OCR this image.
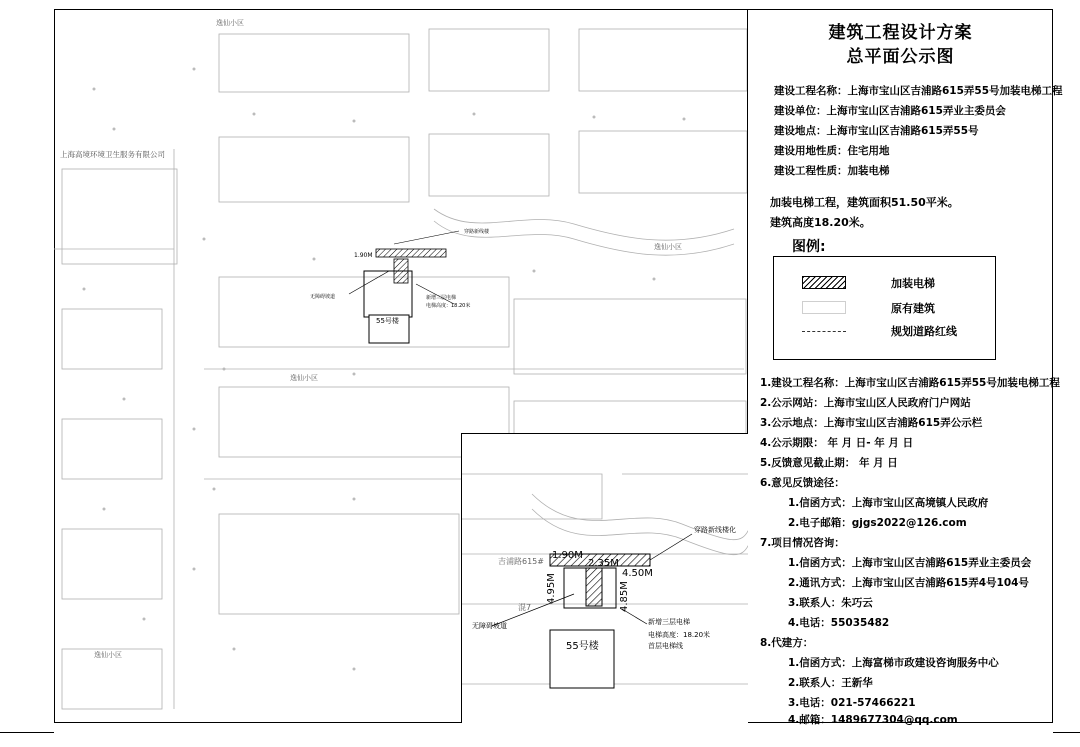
上海高境环境卫生服务有限公司
逸仙小区
逸仙小区
逸仙小区
逸仙小区
55号楼
1.90M
穿路新线楼
无障碍坡道	新增三层电梯
电梯高度：18.20米
吉浦路615#
混7
55号楼
1.90M
2.35M
4.50M
4.95M	4.85M
穿路新线楼化
无障碍坡道	新增三层电梯
电梯高度：18.20米
首层电梯线
建筑工程设计方案
总平面公示图
建设工程名称：上海市宝山区吉浦路615弄55号加装电梯工程
建设单位：上海市宝山区吉浦路615弄业主委员会
建设地点：上海市宝山区吉浦路615弄55号
建设用地性质：住宅用地
建设工程性质：加装电梯
加装电梯工程，建筑面积51.50平米。
建筑高度18.20米。
图例:
加装电梯
原有建筑
规划道路红线
1.建设工程名称：上海市宝山区吉浦路615弄55号加装电梯工程
2.公示网站：上海市宝山区人民政府门户网站
3.公示地点：上海市宝山区吉浦路615弄公示栏
4.公示期限： 年 月 日- 年 月 日
5.反馈意见截止期： 年 月 日
6.意见反馈途径：
1.信函方式：上海市宝山区高境镇人民政府
2.电子邮箱：gjgs2022@126.com
7.项目情况咨询：
1.信函方式：上海市宝山区吉浦路615弄业主委员会
2.通讯方式：上海市宝山区吉浦路615弄4号104号
3.联系人：朱巧云
4.电话：55035482
8.代建方：
1.信函方式：上海富梯市政建设咨询服务中心
2.联系人：王新华
3.电话：021-57466221
4.邮箱：1489677304@qq.com
